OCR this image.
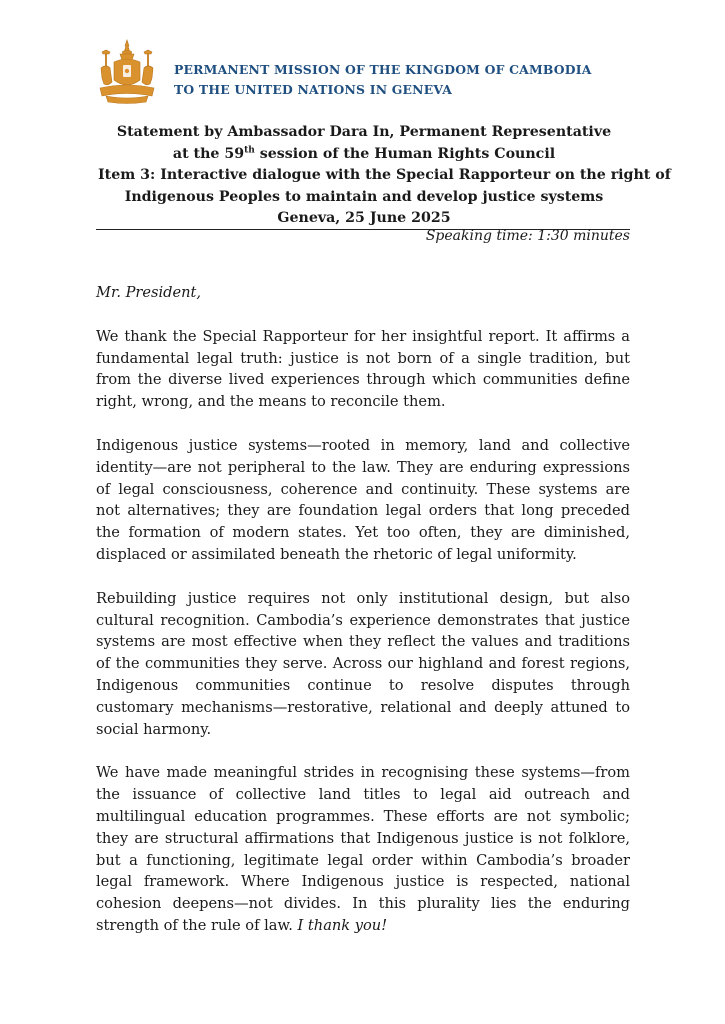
PERMANENT MISSION OF THE KINGDOM OF CAMBODIA
TO THE UNITED NATIONS IN GENEVA
Statement by Ambassador Dara In, Permanent Representative
at the 59th session of the Human Rights Council
Item 3: Interactive dialogue with the Special Rapporteur on the right of
Indigenous Peoples to maintain and develop justice systems
Geneva, 25 June 2025
Speaking time: 1:30 minutes
Mr. President,

We thank the Special Rapporteur for her insightful report. It affirms a fundamental legal truth: justice is not born of a single tradition, but from the diverse lived experiences through which communities define right, wrong, and the means to reconcile them.

Indigenous justice systems—rooted in memory, land and collective identity—are not peripheral to the law. They are enduring expressions of legal consciousness, coherence and continuity. These systems are not alternatives; they are foundation legal orders that long preceded the formation of modern states. Yet too often, they are diminished, displaced or assimilated beneath the rhetoric of legal uniformity.

Rebuilding justice requires not only institutional design, but also cultural recognition. Cambodia’s experience demonstrates that justice systems are most effective when they reflect the values and traditions of the communities they serve. Across our highland and forest regions, Indigenous communities continue to resolve disputes through customary mechanisms—restorative, relational and deeply attuned to social harmony.

We have made meaningful strides in recognising these systems—from the issuance of collective land titles to legal aid outreach and multilingual education programmes. These efforts are not symbolic; they are structural affirmations that Indigenous justice is not folklore, but a functioning, legitimate legal order within Cambodia’s broader legal framework. Where Indigenous justice is respected, national cohesion deepens—not divides. In this plurality lies the enduring strength of the rule of law. I thank you!
